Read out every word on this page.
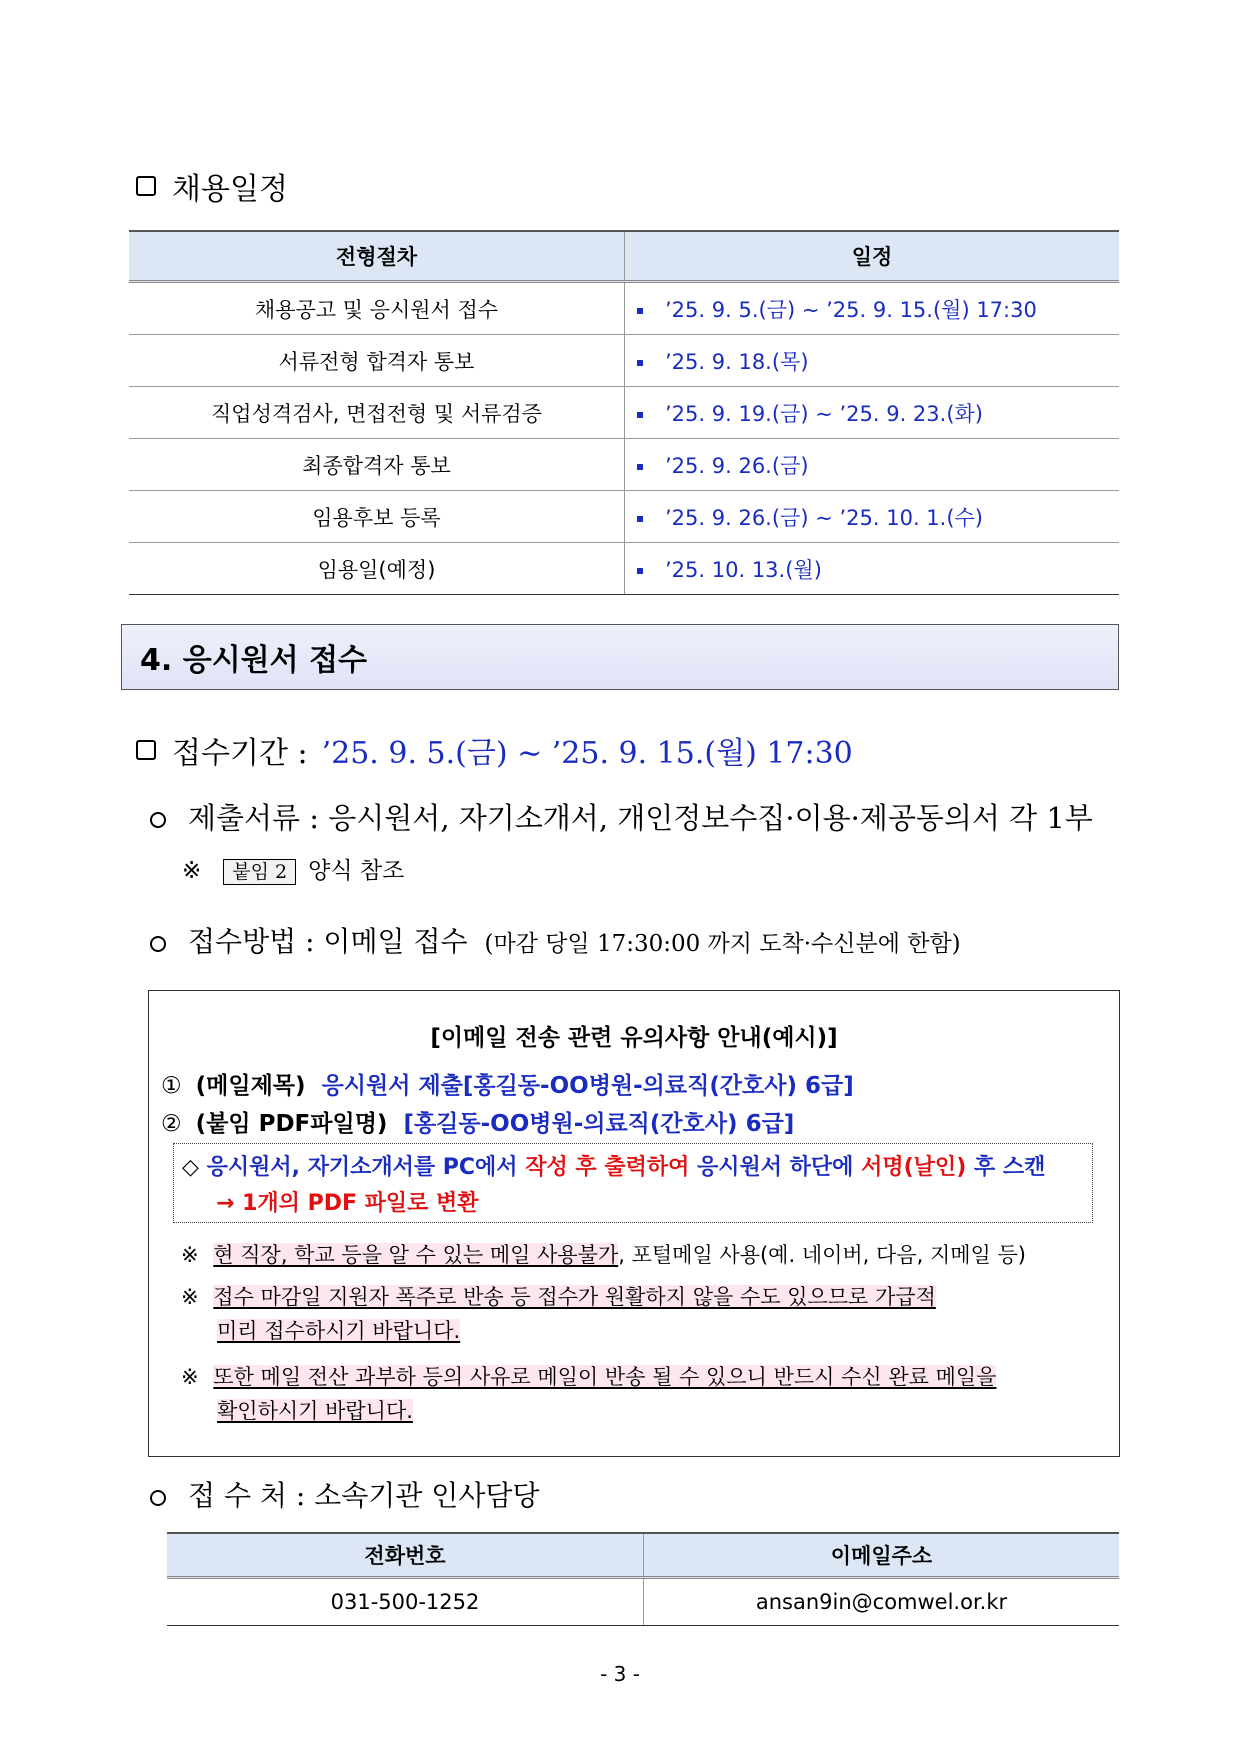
채용일정
전형절차	일정
채용공고 및 응시원서 접수	’25. 9. 5.(금) ∼ ’25. 9. 15.(월) 17:30
서류전형 합격자 통보	’25. 9. 18.(목)
직업성격검사, 면접전형 및 서류검증	’25. 9. 19.(금) ∼ ’25. 9. 23.(화)
최종합격자 통보	’25. 9. 26.(금)
임용후보 등록	’25. 9. 26.(금) ∼ ’25. 10. 1.(수)
임용일(예정)	’25. 10. 13.(월)
4. 응시원서 접수
접수기간 : ’25. 9. 5.(금) ∼ ’25. 9. 15.(월) 17:30
제출서류 : 응시원서, 자기소개서, 개인정보수집·이용·제공동의서 각 1부
※ 붙임 2 양식 참조
접수방법 : 이메일 접수 (마감 당일 17:30:00 까지 도착·수신분에 한함)
[이메일 전송 관련 유의사항 안내(예시)]
① (메일제목) 응시원서 제출[홍길동-OO병원-의료직(간호사) 6급]
② (붙임 PDF파일명) [홍길동-OO병원-의료직(간호사) 6급]
◇ 응시원서, 자기소개서를 PC에서 작성 후 출력하여 응시원서 하단에 서명(날인) 후 스캔
→ 1개의 PDF 파일로 변환
※ 현 직장, 학교 등을 알 수 있는 메일 사용불가, 포털메일 사용(예. 네이버, 다음, 지메일 등)
※ 접수 마감일 지원자 폭주로 반송 등 접수가 원활하지 않을 수도 있으므로 가급적
미리 접수하시기 바랍니다.
※ 또한 메일 전산 과부하 등의 사유로 메일이 반송 될 수 있으니 반드시 수신 완료 메일을
확인하시기 바랍니다.
접 수 처 : 소속기관 인사담당
전화번호	이메일주소
031-500-1252	ansan9in@comwel.or.kr
- 3 -
